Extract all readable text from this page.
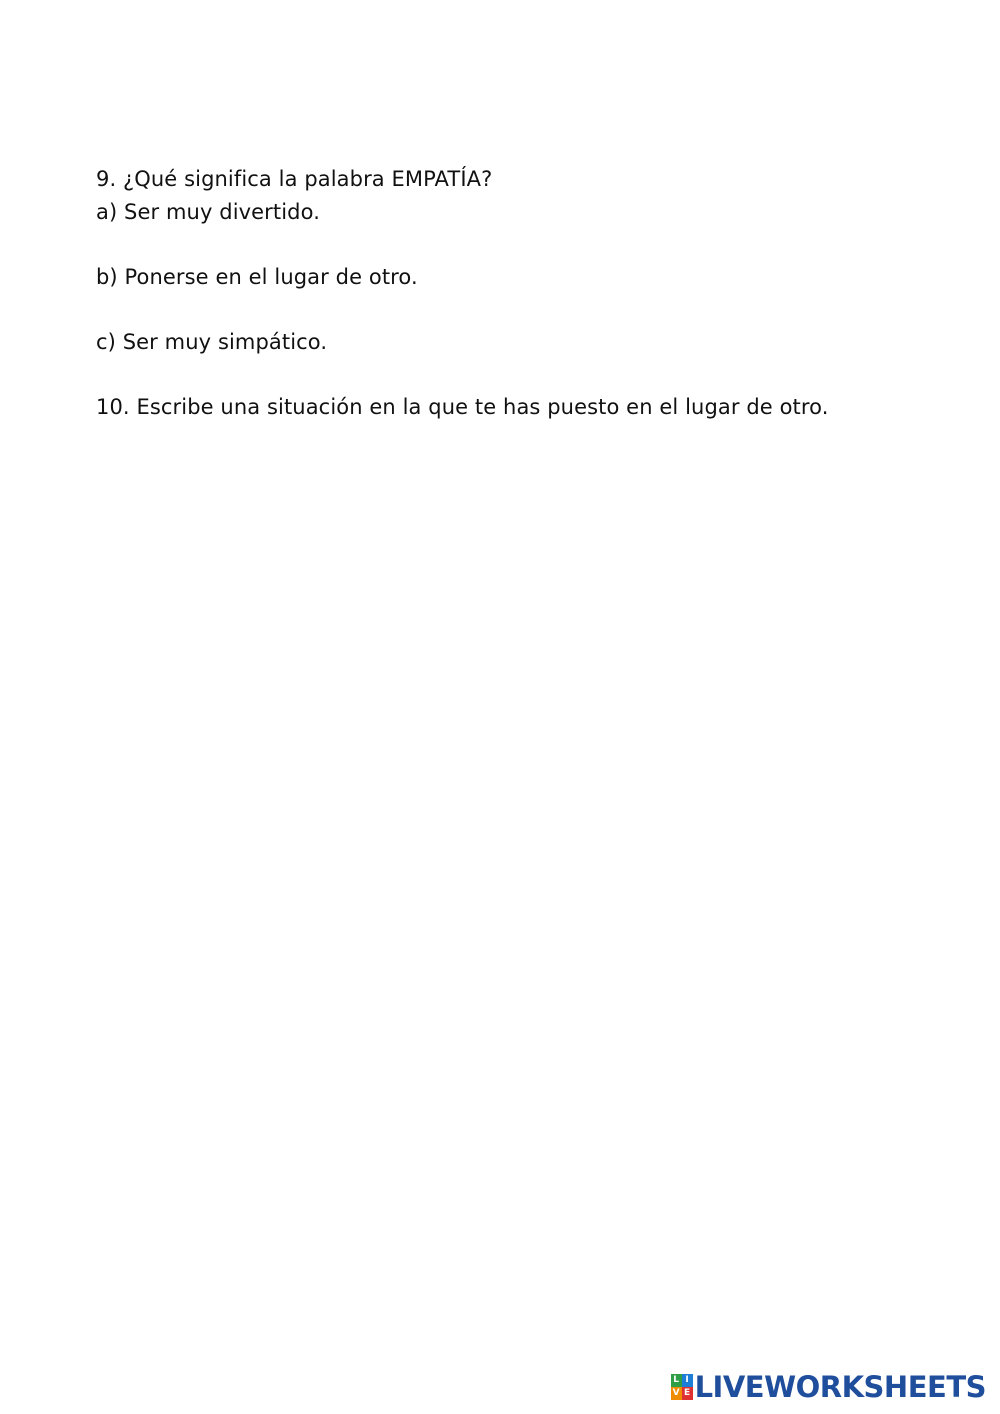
9. ¿Qué significa la palabra EMPATÍA?
a) Ser muy divertido.
b) Ponerse en el lugar de otro.
c) Ser muy simpático.
10. Escribe una situación en la que te has puesto en el lugar de otro.
L I
V E LIVEWORKSHEETS
